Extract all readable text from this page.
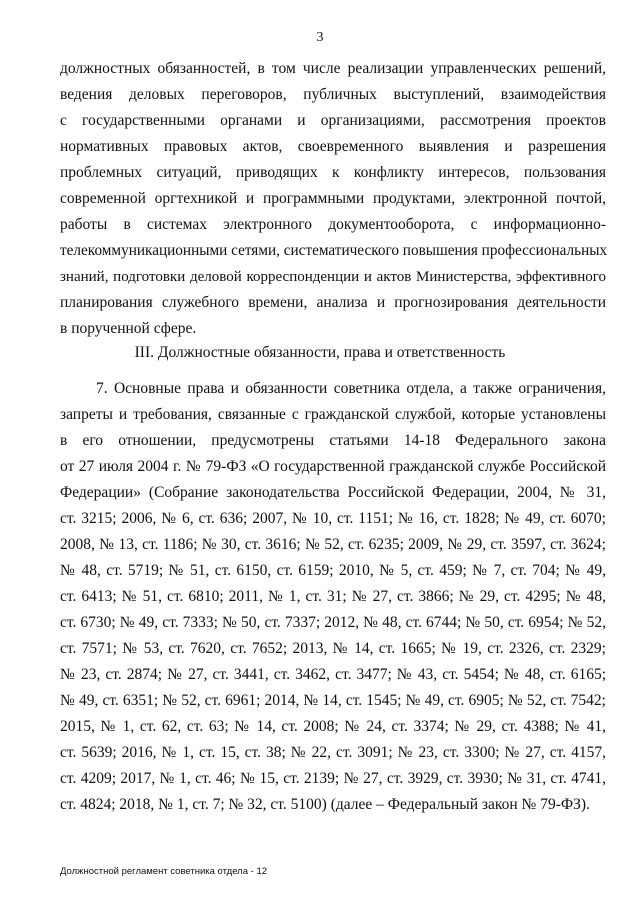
3
должностных обязанностей, в том числе реализации управленческих решений,
ведения деловых переговоров, публичных выступлений, взаимодействия
с государственными органами и организациями, рассмотрения проектов
нормативных правовых актов, своевременного выявления и разрешения
проблемных ситуаций, приводящих к конфликту интересов, пользования
современной оргтехникой и программными продуктами, электронной почтой,
работы в системах электронного документооборота, с информационно-
телекоммуникационными сетями, систематического повышения профессиональных
знаний, подготовки деловой корреспонденции и актов Министерства, эффективного
планирования служебного времени, анализа и прогнозирования деятельности
в порученной сфере.
III. Должностные обязанности, права и ответственность
7. Основные права и обязанности советника отдела, а также ограничения,
запреты и требования, связанные с гражданской службой, которые установлены
в его отношении, предусмотрены статьями 14-18 Федерального закона
от 27 июля 2004 г. № 79-ФЗ «О государственной гражданской службе Российской
Федерации» (Собрание законодательства Российской Федерации, 2004, № 31,
ст. 3215; 2006, № 6, ст. 636; 2007, № 10, ст. 1151; № 16, ст. 1828; № 49, ст. 6070;
2008, № 13, ст. 1186; № 30, ст. 3616; № 52, ст. 6235; 2009, № 29, ст. 3597, ст. 3624;
№ 48, ст. 5719; № 51, ст. 6150, ст. 6159; 2010, № 5, ст. 459; № 7, ст. 704; № 49,
ст. 6413; № 51, ст. 6810; 2011, № 1, ст. 31; № 27, ст. 3866; № 29, ст. 4295; № 48,
ст. 6730; № 49, ст. 7333; № 50, ст. 7337; 2012, № 48, ст. 6744; № 50, ст. 6954; № 52,
ст. 7571; № 53, ст. 7620, ст. 7652; 2013, № 14, ст. 1665; № 19, ст. 2326, ст. 2329;
№ 23, ст. 2874; № 27, ст. 3441, ст. 3462, ст. 3477; № 43, ст. 5454; № 48, ст. 6165;
№ 49, ст. 6351; № 52, ст. 6961; 2014, № 14, ст. 1545; № 49, ст. 6905; № 52, ст. 7542;
2015, № 1, ст. 62, ст. 63; № 14, ст. 2008; № 24, ст. 3374; № 29, ст. 4388; № 41,
ст. 5639; 2016, № 1, ст. 15, ст. 38; № 22, ст. 3091; № 23, ст. 3300; № 27, ст. 4157,
ст. 4209; 2017, № 1, ст. 46; № 15, ст. 2139; № 27, ст. 3929, ст. 3930; № 31, ст. 4741,
ст. 4824; 2018, № 1, ст. 7; № 32, ст. 5100) (далее – Федеральный закон № 79-ФЗ).
Должностной регламент советника отдела - 12
